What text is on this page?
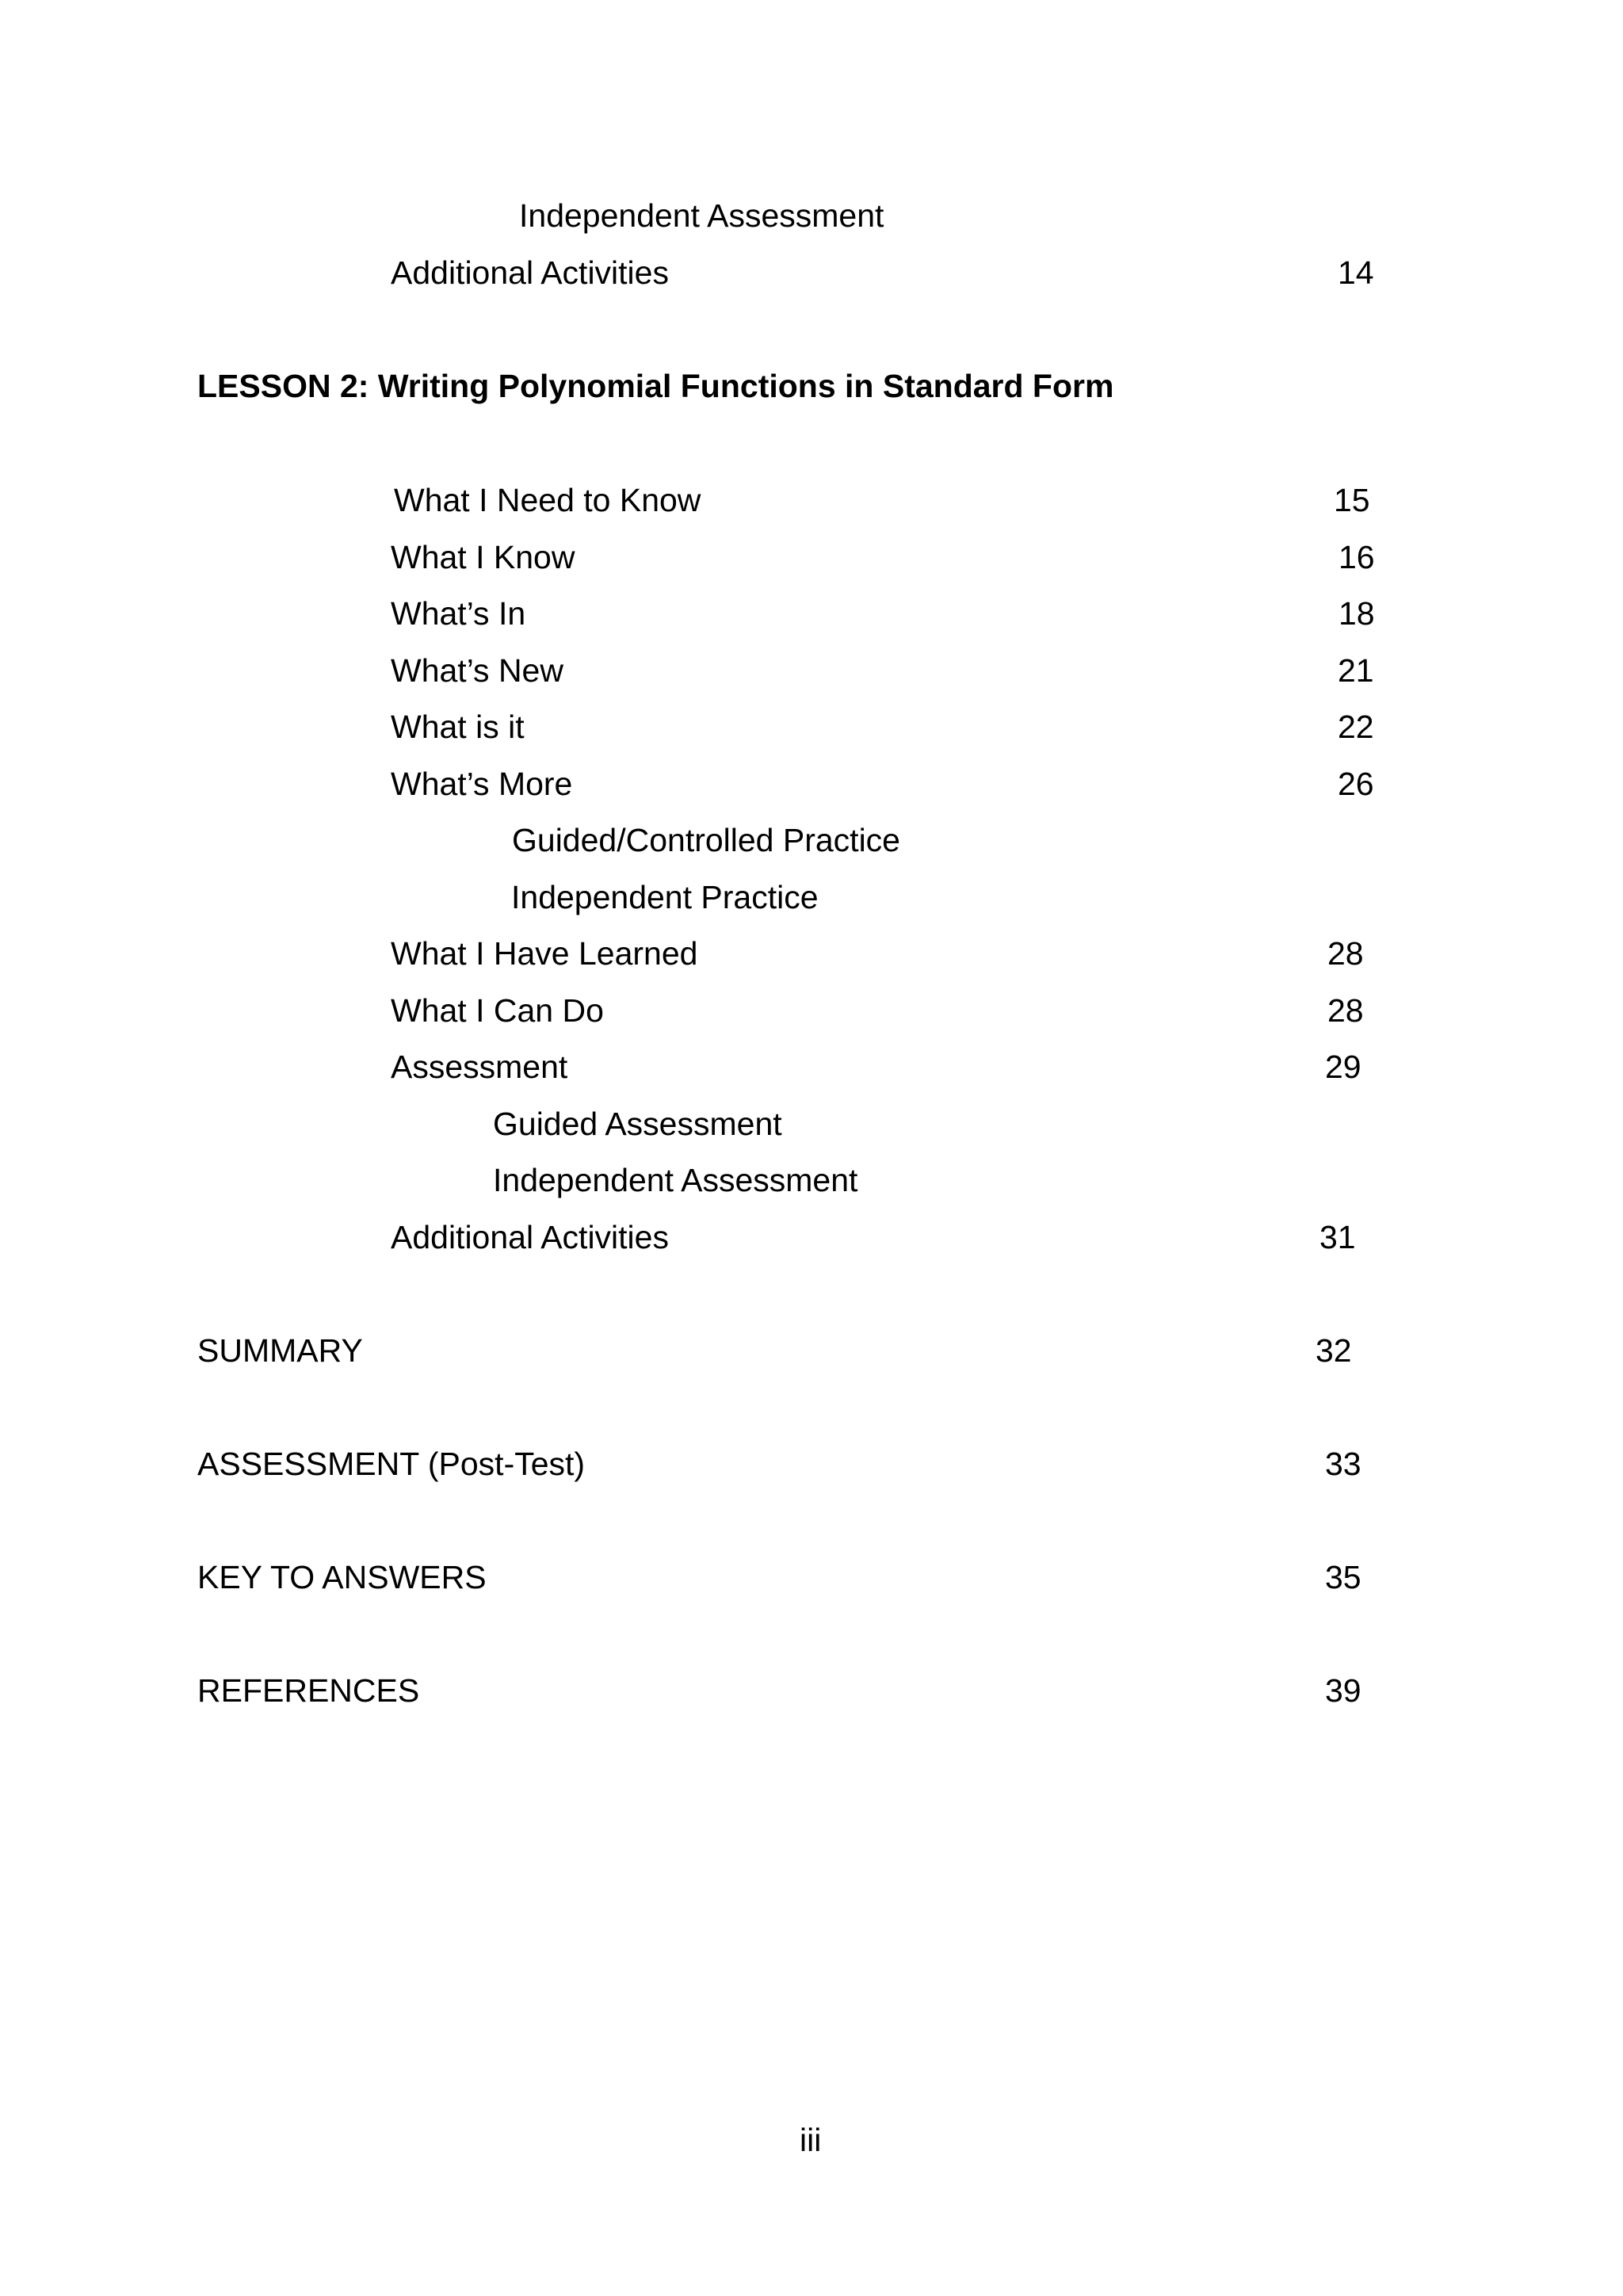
Independent Assessment
Additional Activities	14
LESSON 2: Writing Polynomial Functions in Standard Form
What I Need to Know	15
What I Know	16
What’s In	18
What’s New	21
What is it	22
What’s More	26
Guided/Controlled Practice
Independent Practice
What I Have Learned	28
What I Can Do	28
Assessment	29
Guided Assessment
Independent Assessment
Additional Activities	31
SUMMARY	32
ASSESSMENT (Post-Test)	33
KEY TO ANSWERS	35
REFERENCES	39
iii
